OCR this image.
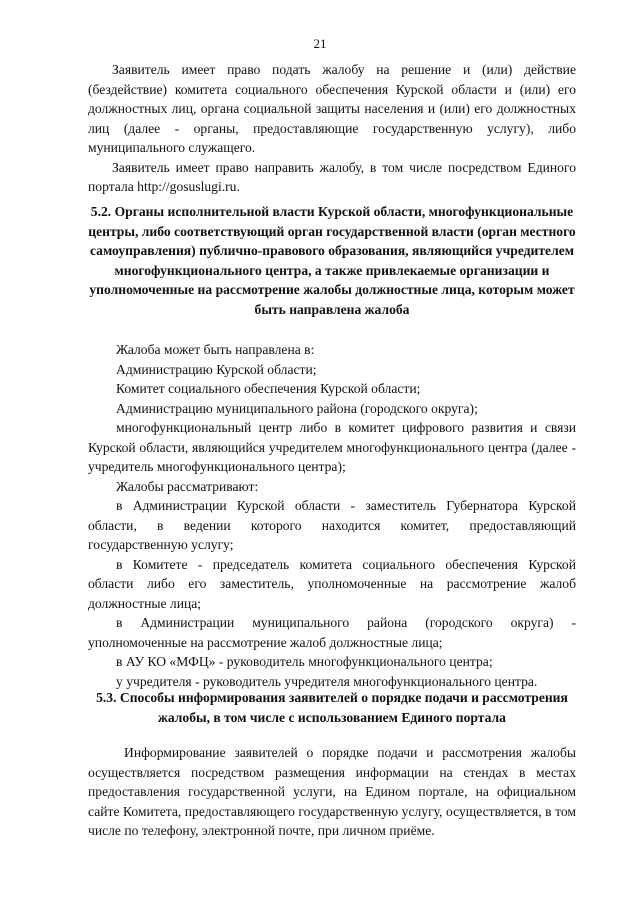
21

Заявитель имеет право подать жалобу на решение и (или) действие (бездействие) комитета социального обеспечения Курской области и (или) его должностных лиц, органа социальной защиты населения и (или) его должностных лиц (далее - органы, предоставляющие государственную услугу), либо муниципального служащего.

Заявитель имеет право направить жалобу, в том числе посредством Единого портала http://gosuslugi.ru.

5.2. Органы исполнительной власти Курской области, многофункциональные центры, либо соответствующий орган государственной власти (орган местного самоуправления) публично-правового образования, являющийся учредителем многофункционального центра, а также привлекаемые организации и уполномоченные на рассмотрение жалобы должностные лица, которым может быть направлена жалоба

Жалоба может быть направлена в:

Администрацию Курской области;

Комитет социального обеспечения Курской области;

Администрацию муниципального района (городского округа);

многофункциональный центр либо в комитет цифрового развития и связи Курской области, являющийся учредителем многофункционального центра (далее - учредитель многофункционального центра);

Жалобы рассматривают:

в Администрации Курской области - заместитель Губернатора Курской области, в ведении которого находится комитет, предоставляющий государственную услугу;

в Комитете - председатель комитета социального обеспечения Курской области либо его заместитель, уполномоченные на рассмотрение жалоб должностные лица;

в Администрации муниципального района (городского округа) - уполномоченные на рассмотрение жалоб должностные лица;

в АУ КО «МФЦ» - руководитель многофункционального центра;

у учредителя - руководитель учредителя многофункционального центра.

5.3. Способы информирования заявителей о порядке подачи и рассмотрения жалобы, в том числе с использованием Единого портала

Информирование заявителей о порядке подачи и рассмотрения жалобы осуществляется посредством размещения информации на стендах в местах предоставления государственной услуги, на Едином портале, на официальном сайте Комитета, предоставляющего государственную услугу, осуществляется, в том числе по телефону, электронной почте, при личном приёме.
